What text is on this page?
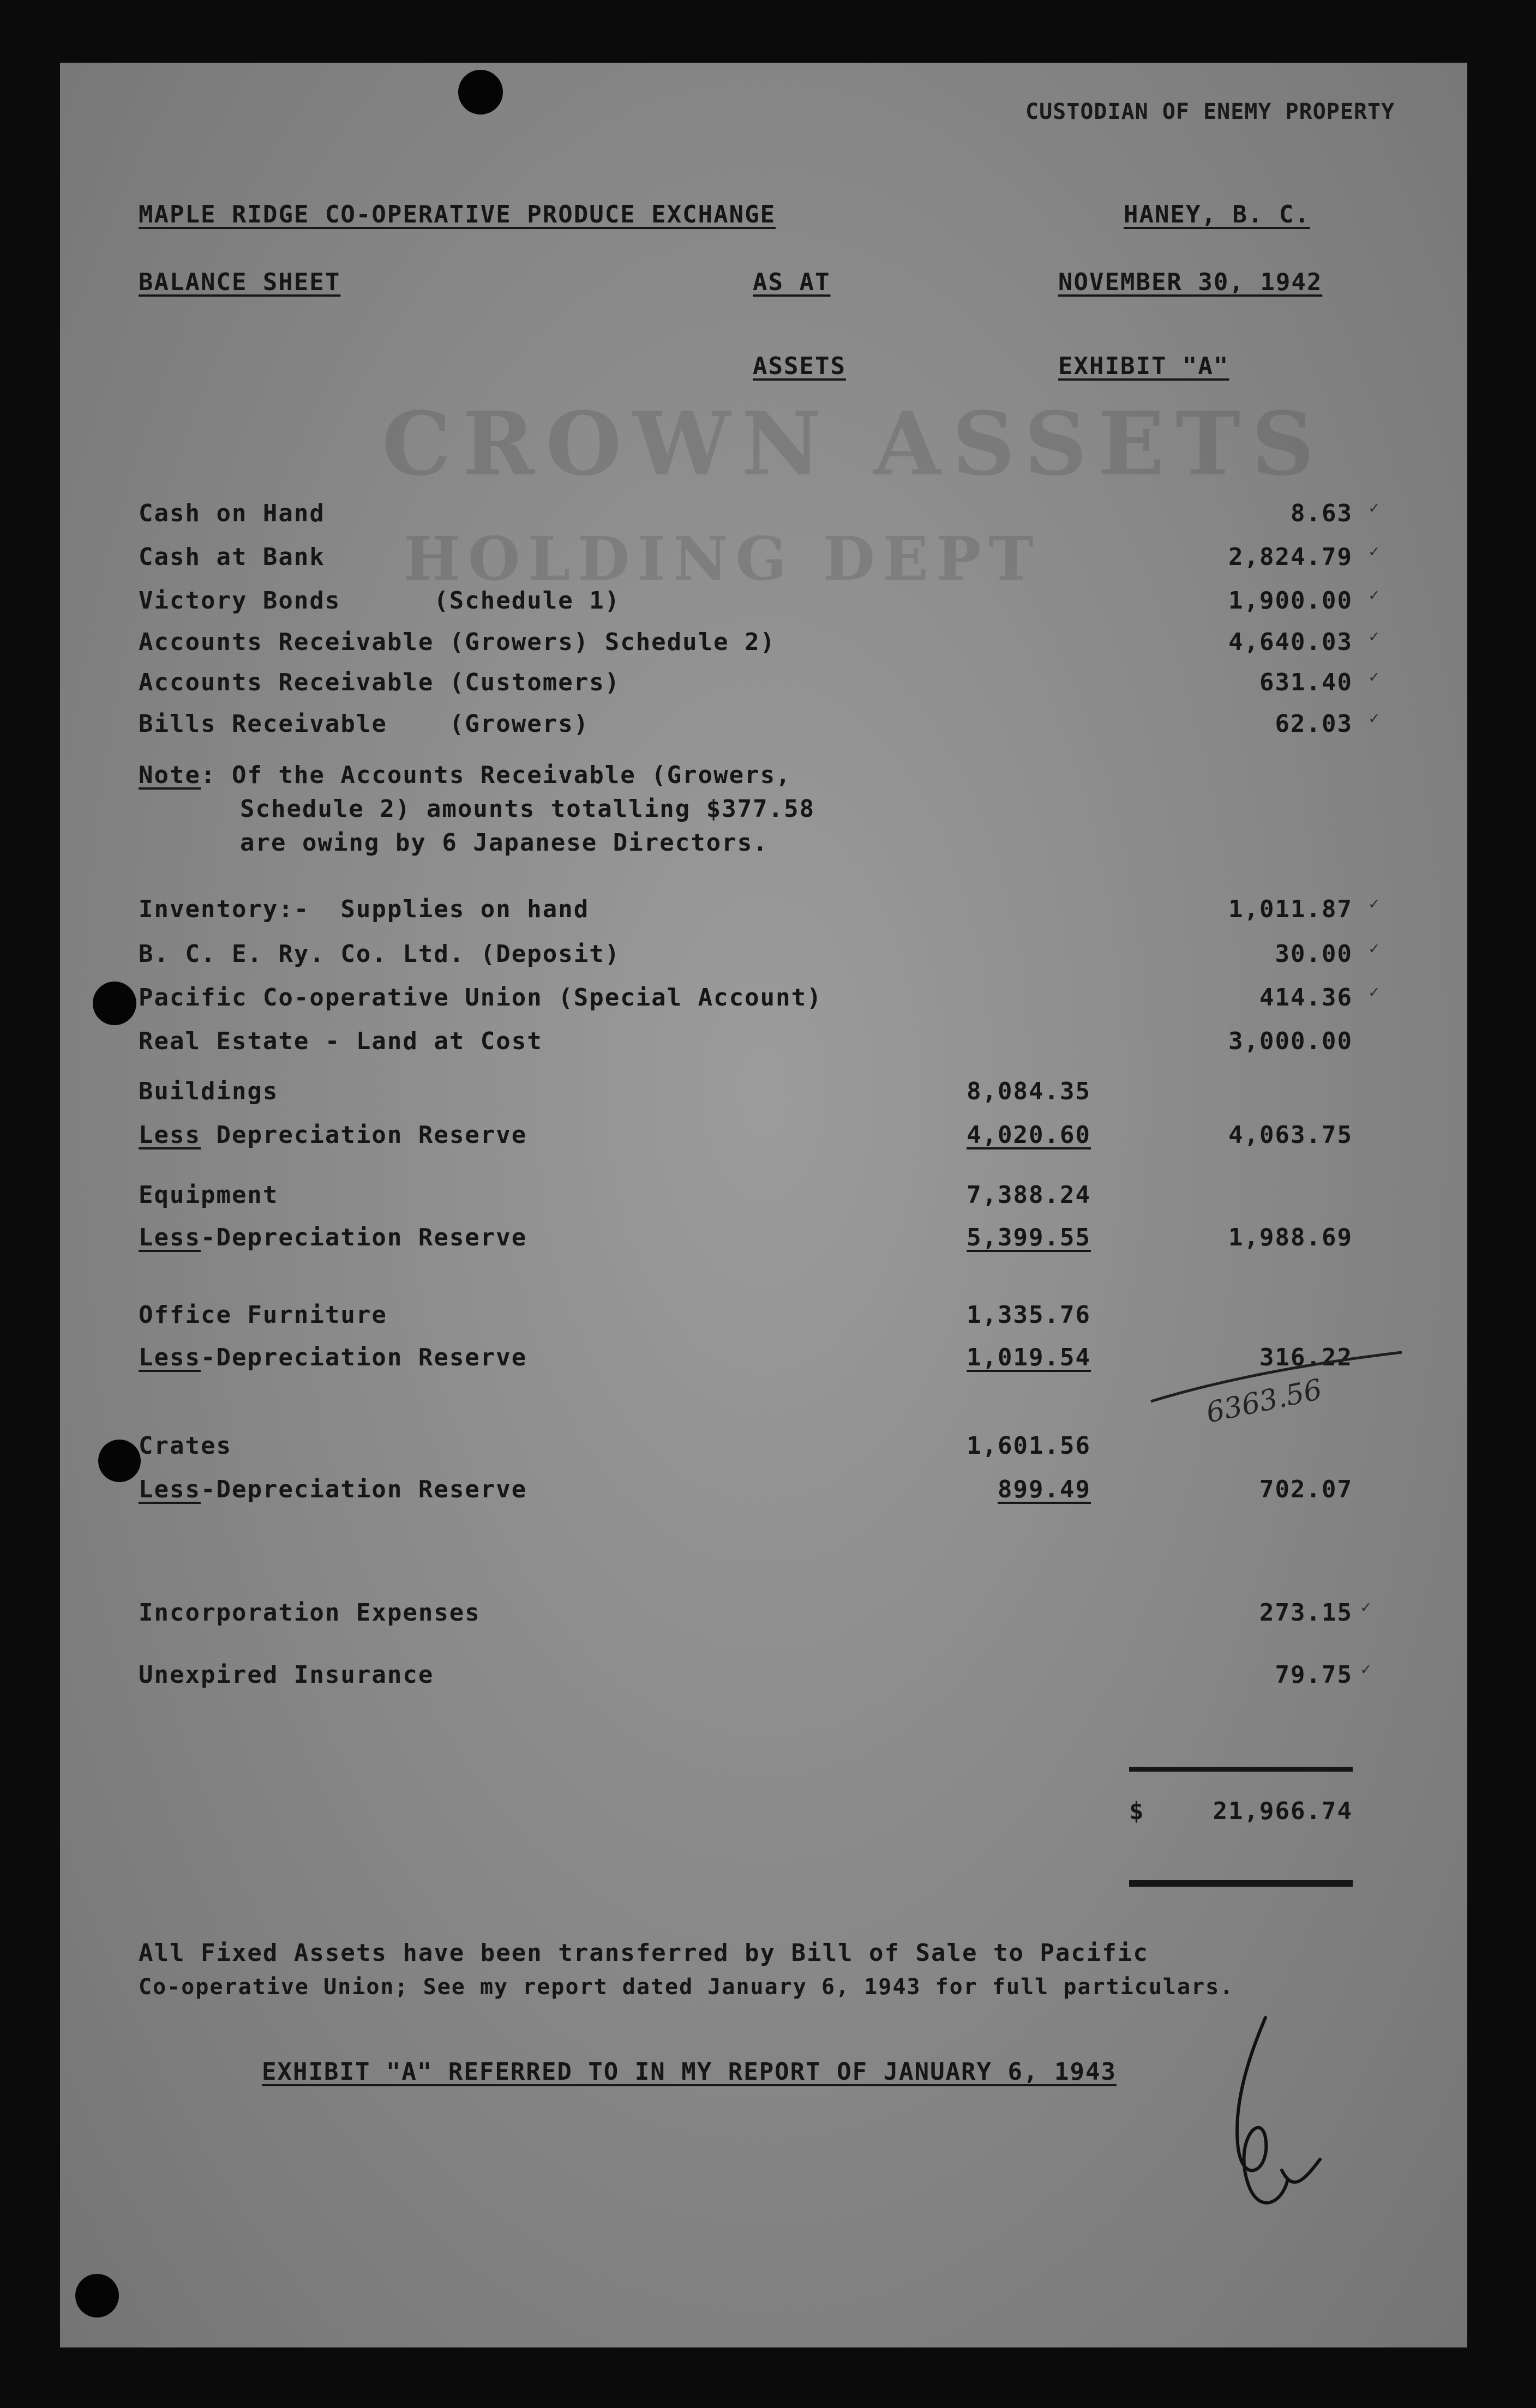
CROWN ASSETS
HOLDING DEPT
CUSTODIAN OF ENEMY PROPERTY
MAPLE RIDGE CO-OPERATIVE PRODUCE EXCHANGE	HANEY, B. C.
BALANCE SHEET	AS AT	NOVEMBER 30, 1942
ASSETS	EXHIBIT "A"
Cash on Hand	8.63
Cash at Bank	2,824.79
Victory Bonds      (Schedule 1)	1,900.00
Accounts Receivable (Growers) Schedule 2)	4,640.03
Accounts Receivable (Customers)	631.40
Bills Receivable    (Growers)	62.03
✓
✓
✓
✓
✓
✓
Note: Of the Accounts Receivable (Growers,
Schedule 2) amounts totalling $377.58
are owing by 6 Japanese Directors.
Inventory:-  Supplies on hand	1,011.87
B. C. E. Ry. Co. Ltd. (Deposit)	30.00
Pacific Co-operative Union (Special Account)	414.36
Real Estate - Land at Cost	3,000.00
✓
✓
✓
Buildings	8,084.35
Less Depreciation Reserve	4,020.60	4,063.75
Equipment	7,388.24
Less-Depreciation Reserve	5,399.55	1,988.69
Office Furniture	1,335.76
Less-Depreciation Reserve	1,019.54	316.22
6363.56
Crates	1,601.56
Less-Depreciation Reserve	899.49	702.07
Incorporation Expenses	273.15
Unexpired Insurance	79.75
✓
✓
$	21,966.74
All Fixed Assets have been transferred by Bill of Sale to Pacific
Co-operative Union; See my report dated January 6, 1943 for full particulars.
EXHIBIT "A" REFERRED TO IN MY REPORT OF JANUARY 6, 1943
